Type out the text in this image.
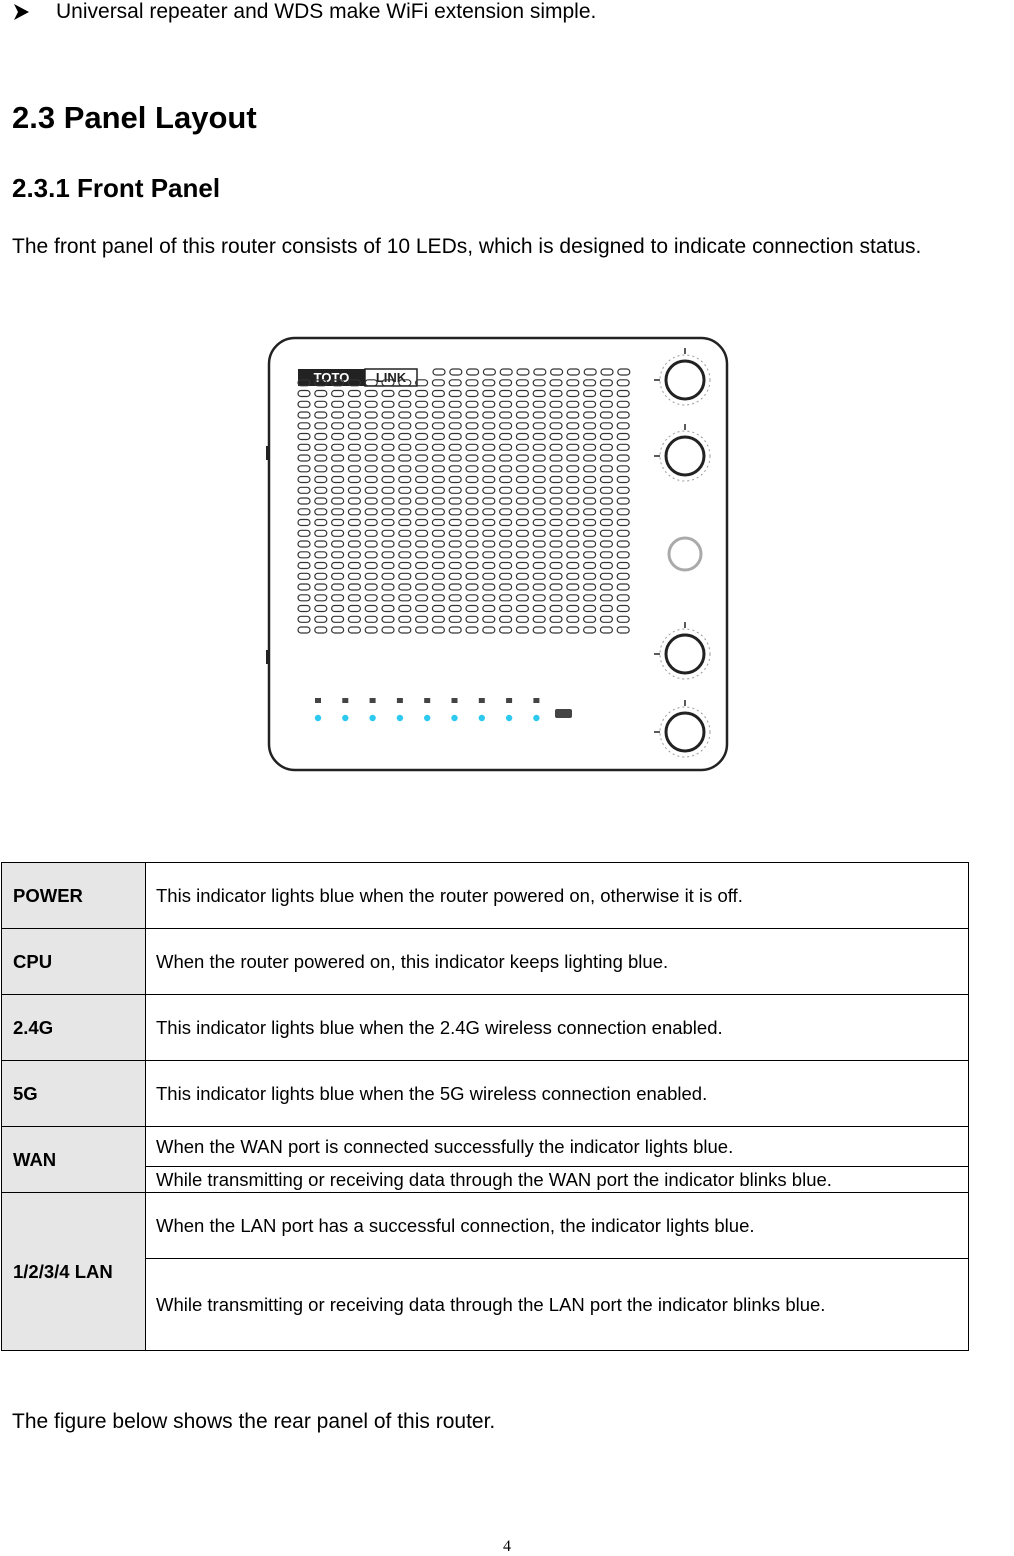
Universal repeater and WDS make WiFi extension simple.
2.3 Panel Layout
2.3.1 Front Panel
The front panel of this router consists of 10 LEDs, which is designed to indicate connection status.
TOTO LINK
POWER	This indicator lights blue when the router powered on, otherwise it is off.
CPU	When the router powered on, this indicator keeps lighting blue.
2.4G	This indicator lights blue when the 2.4G wireless connection enabled.
5G	This indicator lights blue when the 5G wireless connection enabled.
WAN	When the WAN port is connected successfully the indicator lights blue.
	While transmitting or receiving data through the WAN port the indicator blinks blue.
1/2/3/4 LAN	When the LAN port has a successful connection, the indicator lights blue.
	While transmitting or receiving data through the LAN port the indicator blinks blue.
The figure below shows the rear panel of this router.
4
